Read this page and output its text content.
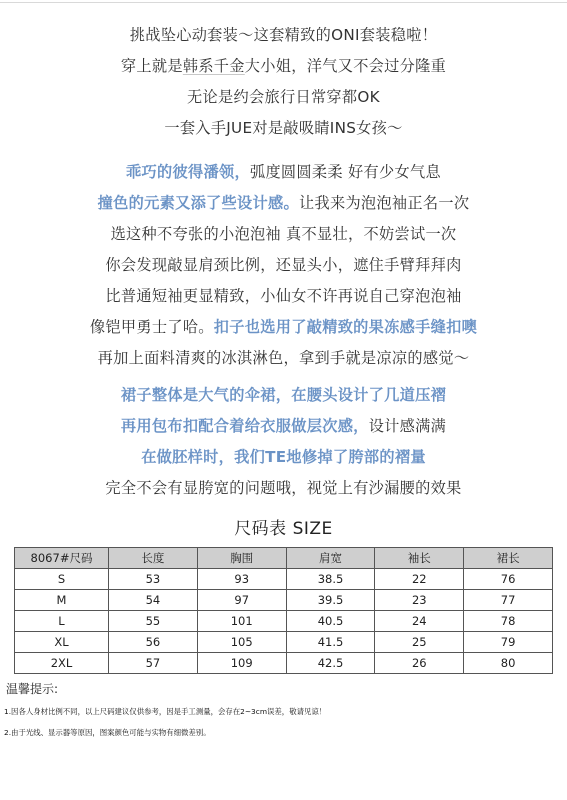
挑战坠心动套装～这套精致的ONI套装稳啦！
穿上就是韩系千金大小姐，洋气又不会过分隆重
无论是约会旅行日常穿都OK
一套入手JUE对是敲吸睛INS女孩～
乖巧的彼得潘领，弧度圆圆柔柔 好有少女气息
撞色的元素又添了些设计感。让我来为泡泡袖正名一次
选这种不夸张的小泡泡袖 真不显壮，不妨尝试一次
你会发现敲显肩颈比例，还显头小，遮住手臂拜拜肉
比普通短袖更显精致，小仙女不许再说自己穿泡泡袖
像铠甲勇士了哈。扣子也选用了敲精致的果冻感手缝扣噢
再加上面料清爽的冰淇淋色，拿到手就是凉凉的感觉～
裙子整体是大气的伞裙，在腰头设计了几道压褶
再用包布扣配合着给衣服做层次感，设计感满满
在做胚样时，我们TE地修掉了胯部的褶量
完全不会有显胯宽的问题哦，视觉上有沙漏腰的效果
尺码表 SIZE
8067#尺码	长度	胸围	肩宽	袖长	裙长
S	53	93	38.5	22	76
M	54	97	39.5	23	77
L	55	101	40.5	24	78
XL	56	105	41.5	25	79
2XL	57	109	42.5	26	80
温馨提示:
1.因各人身材比例不同，以上尺码建议仅供参考，因是手工测量，会存在2~3cm误差，敬请见谅！
2.由于光线、显示器等原因，图案颜色可能与实物有细微差别。
